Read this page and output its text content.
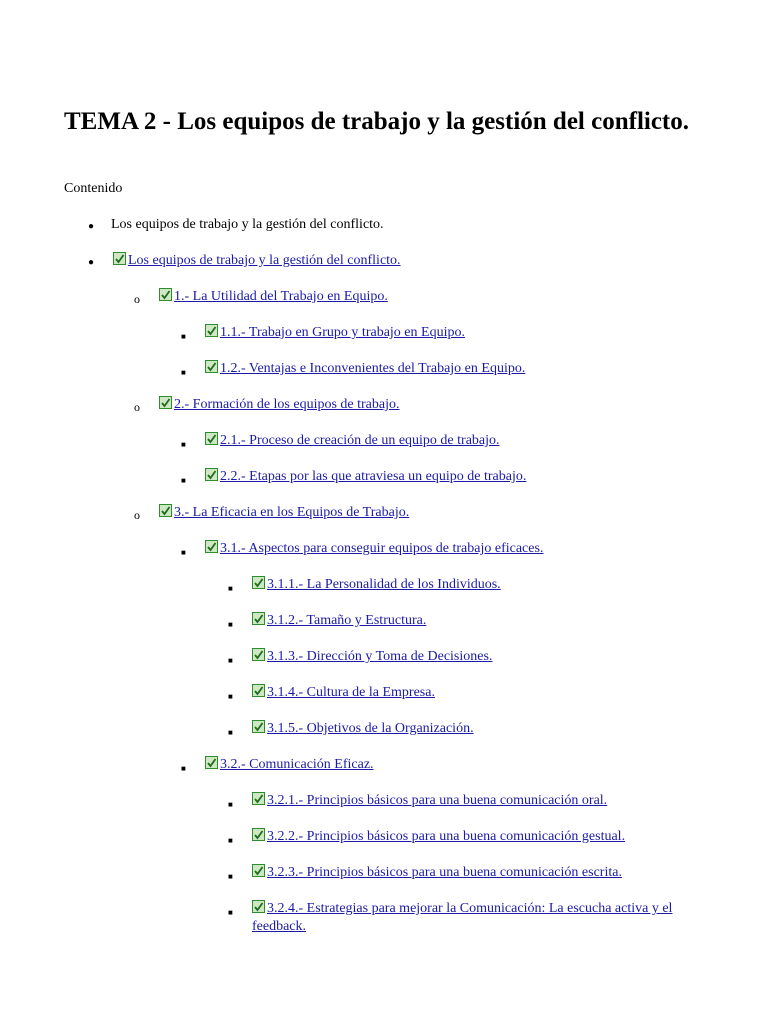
TEMA 2 - Los equipos de trabajo y la gestión del conflicto.

Contenido

● Los equipos de trabajo y la gestión del conflicto.
●	Los equipos de trabajo y la gestión del conflicto.
o	1.- La Utilidad del Trabajo en Equipo.
■	1.1.- Trabajo en Grupo y trabajo en Equipo.
■	1.2.- Ventajas e Inconvenientes del Trabajo en Equipo.
o	2.- Formación de los equipos de trabajo.
■	2.1.- Proceso de creación de un equipo de trabajo.
■	2.2.- Etapas por las que atraviesa un equipo de trabajo.
o	3.- La Eficacia en los Equipos de Trabajo.
■	3.1.- Aspectos para conseguir equipos de trabajo eficaces.
■	3.1.1.- La Personalidad de los Individuos.
■	3.1.2.- Tamaño y Estructura.
■	3.1.3.- Dirección y Toma de Decisiones.
■	3.1.4.- Cultura de la Empresa.
■	3.1.5.- Objetivos de la Organización.
■	3.2.- Comunicación Eficaz.
■	3.2.1.- Principios básicos para una buena comunicación oral.
■	3.2.2.- Principios básicos para una buena comunicación gestual.
■	3.2.3.- Principios básicos para una buena comunicación escrita.
■	3.2.4.- Estrategias para mejorar la Comunicación: La escucha activa y el feedback.
